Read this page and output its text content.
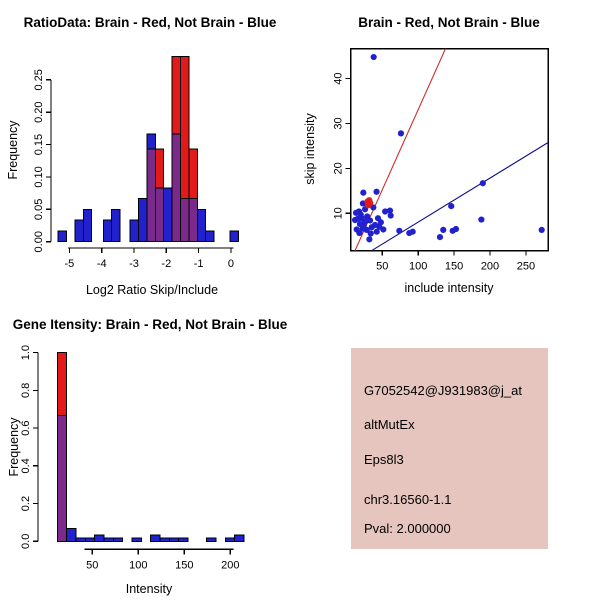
RatioData: Brain - Red, Not Brain - Blue
Log2 Ratio Skip/Include
Frequency
-5 -4 -3 -2 -1 0
0.00
0.05
0.10
0.15
0.20
0.25
Brain - Red, Not Brain - Blue
include intensity
skip intensity
50 100 150 200 250
10
20
30
40
Gene Itensity: Brain - Red, Not Brain - Blue
Intensity
Frequency
50	100	150	200
0.0
0.2
0.4
0.6
0.8
1.0
G7052542@J931983@j_at
altMutEx
Eps8l3
chr3.16560-1.1
Pval: 2.000000
